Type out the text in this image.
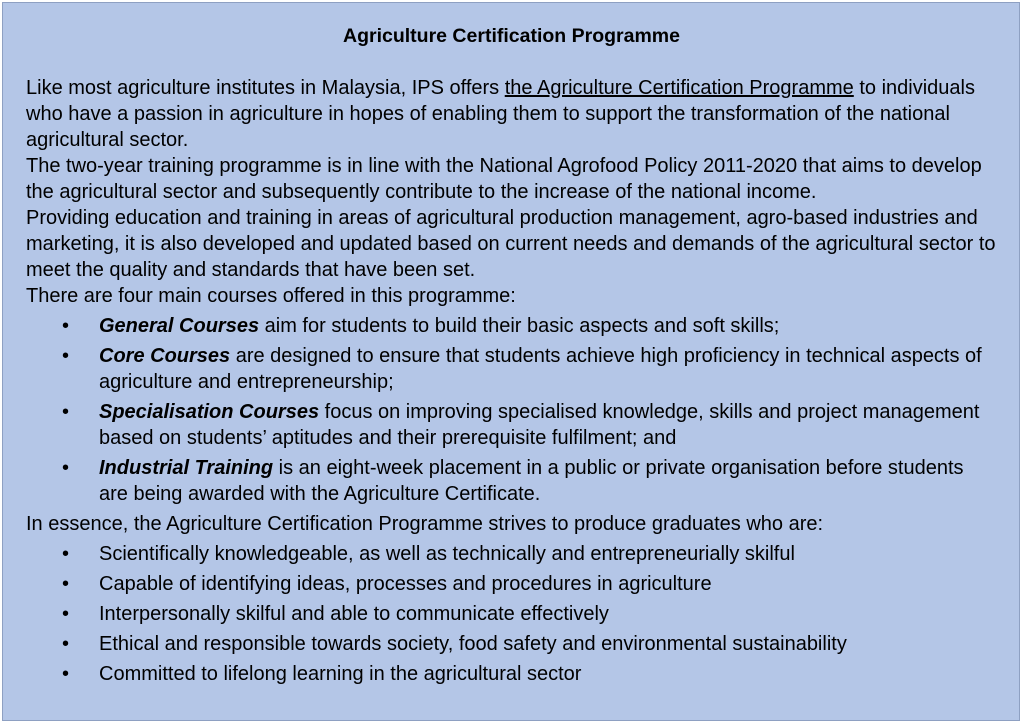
Agriculture Certification Programme

Like most agriculture institutes in Malaysia, IPS offers the Agriculture Certification Programme to individuals who have a passion in agriculture in hopes of enabling them to support the transformation of the national agricultural sector.

The two-year training programme is in line with the National Agrofood Policy 2011-2020 that aims to develop the agricultural sector and subsequently contribute to the increase of the national income.

Providing education and training in areas of agricultural production management, agro-based industries and marketing, it is also developed and updated based on current needs and demands of the agricultural sector to meet the quality and standards that have been set.

There are four main courses offered in this programme:

•	General Courses aim for students to build their basic aspects and soft skills;
•	Core Courses are designed to ensure that students achieve high proficiency in technical aspects of agriculture and entrepreneurship;
•	Specialisation Courses focus on improving specialised knowledge, skills and project management based on students’ aptitudes and their prerequisite fulfilment; and
•	Industrial Training is an eight-week placement in a public or private organisation before students are being awarded with the Agriculture Certificate.

In essence, the Agriculture Certification Programme strives to produce graduates who are:

•	Scientifically knowledgeable, as well as technically and entrepreneurially skilful
•	Capable of identifying ideas, processes and procedures in agriculture
•	Interpersonally skilful and able to communicate effectively
•	Ethical and responsible towards society, food safety and environmental sustainability
•	Committed to lifelong learning in the agricultural sector
